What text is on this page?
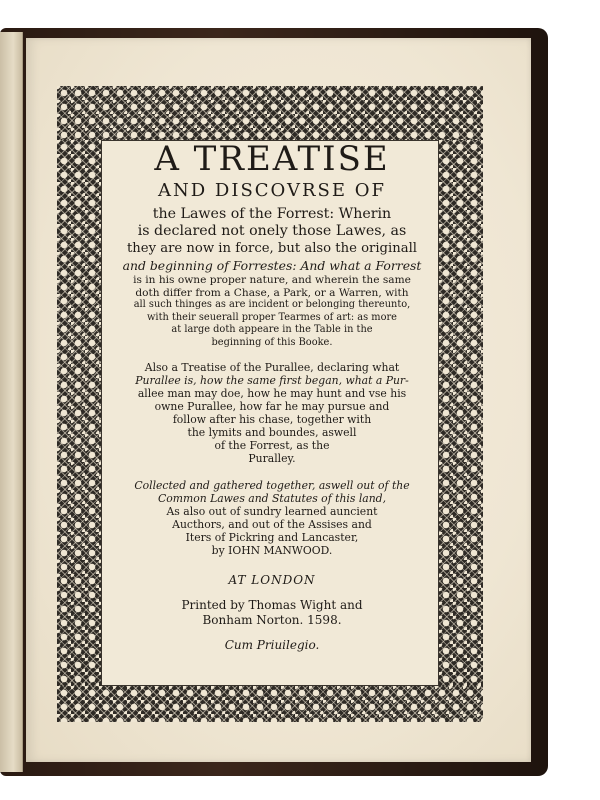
A TREATISE
AND DISCOVRSE OF
the Lawes of the Forrest: Wherin
is declared not onely those Lawes, as
they are now in force, but also the originall
and beginning of Forrestes: And what a Forrest
is in his owne proper nature, and wherein the same
doth differ from a Chase, a Park, or a Warren, with
all such thinges as are incident or belonging thereunto,
with their seuerall proper Tearmes of art: as more
at large doth appeare in the Table in the
beginning of this Booke.
Also a Treatise of the Purallee, declaring what
Purallee is, how the same first began, what a Pur-
allee man may doe, how he may hunt and vse his
owne Purallee, how far he may pursue and
follow after his chase, together with
the lymits and boundes, aswell
of the Forrest, as the
Puralley.
Collected and gathered together, aswell out of the
Common Lawes and Statutes of this land,
As also out of sundry learned auncient
Aucthors, and out of the Assises and
Iters of Pickring and Lancaster,
by IOHN MANWOOD.
AT LONDON
Printed by Thomas Wight and
Bonham Norton. 1598.
Cum Priuilegio.
